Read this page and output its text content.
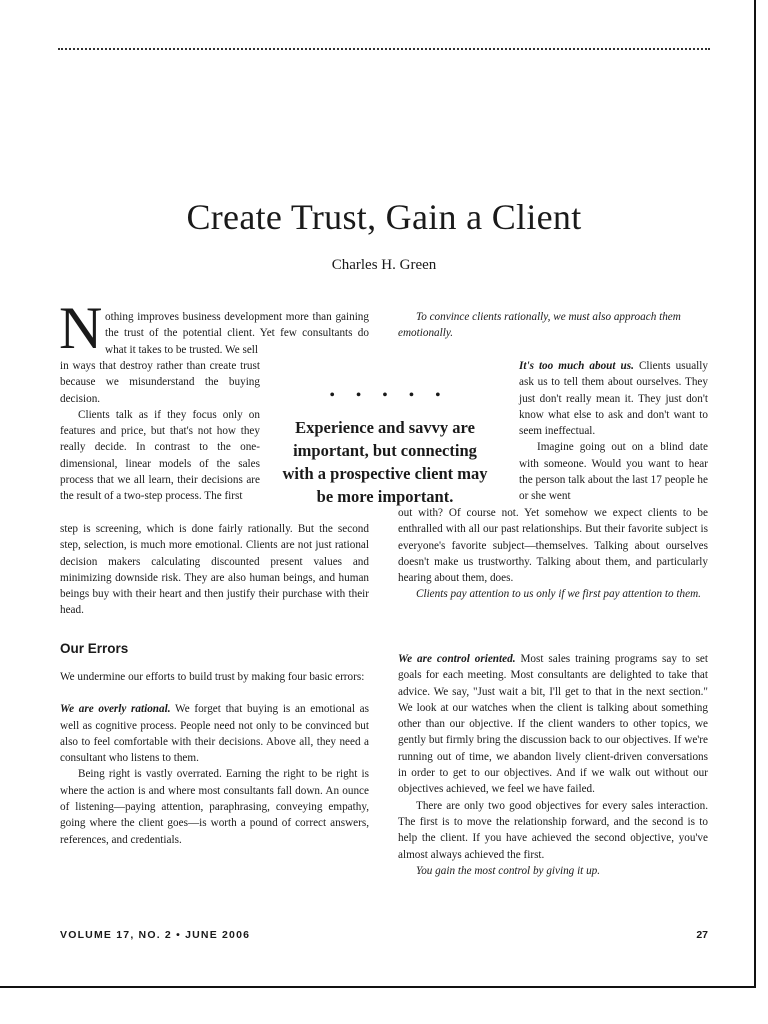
Create Trust, Gain a Client
Charles H. Green
N othing improves business development more than gaining the trust of the potential client. Yet few consultants do what it takes to be trusted. We sell

in ways that destroy rather than create trust because we misunderstand the buying decision.

Clients talk as if they focus only on features and price, but that's not how they really decide. In contrast to the one-dimensional, linear models of the sales process that we all learn, their decisions are the result of a two-step process. The first

step is screening, which is done fairly rationally. But the second step, selection, is much more emotional. Clients are not just rational decision makers calculating discounted present values and minimizing downside risk. They are also human beings, and human beings buy with their heart and then justify their purchase with their head.

• • • • •
Experience and savvy are important, but connecting with a prospective client may be more important.
Our Errors

We undermine our efforts to build trust by making four basic errors:

We are overly rational. We forget that buying is an emotional as well as cognitive process. People need not only to be convinced but also to feel comfortable with their decisions. Above all, they need a consultant who listens to them.

Being right is vastly overrated. Earning the right to be right is where the action is and where most consultants fall down. An ounce of listening—paying attention, paraphrasing, conveying empathy, going where the client goes—is worth a pound of correct answers, references, and credentials.

To convince clients rationally, we must also approach them emotionally.

It's too much about us. Clients usually ask us to tell them about ourselves. They just don't really mean it. They just don't know what else to ask and don't want to seem ineffectual.

Imagine going out on a blind date with someone. Would you want to hear the person talk about the last 17 people he or she went

out with? Of course not. Yet somehow we expect clients to be enthralled with all our past relationships. But their favorite subject is everyone's favorite subject—themselves. Talking about ourselves doesn't make us trustworthy. Talking about them, and particularly hearing about them, does.

Clients pay attention to us only if we first pay attention to them.

We are control oriented. Most sales training programs say to set goals for each meeting. Most consultants are delighted to take that advice. We say, "Just wait a bit, I'll get to that in the next section." We look at our watches when the client is talking about something other than our objective. If the client wanders to other topics, we gently but firmly bring the discussion back to our objectives. If we're running out of time, we abandon lively client-driven conversations in order to get to our objectives. And if we walk out without our objectives achieved, we feel we have failed.

There are only two good objectives for every sales interaction. The first is to move the relationship forward, and the second is to help the client. If you have achieved the second objective, you've almost always achieved the first.

You gain the most control by giving it up.

VOLUME 17, NO. 2 • JUNE 2006	27
